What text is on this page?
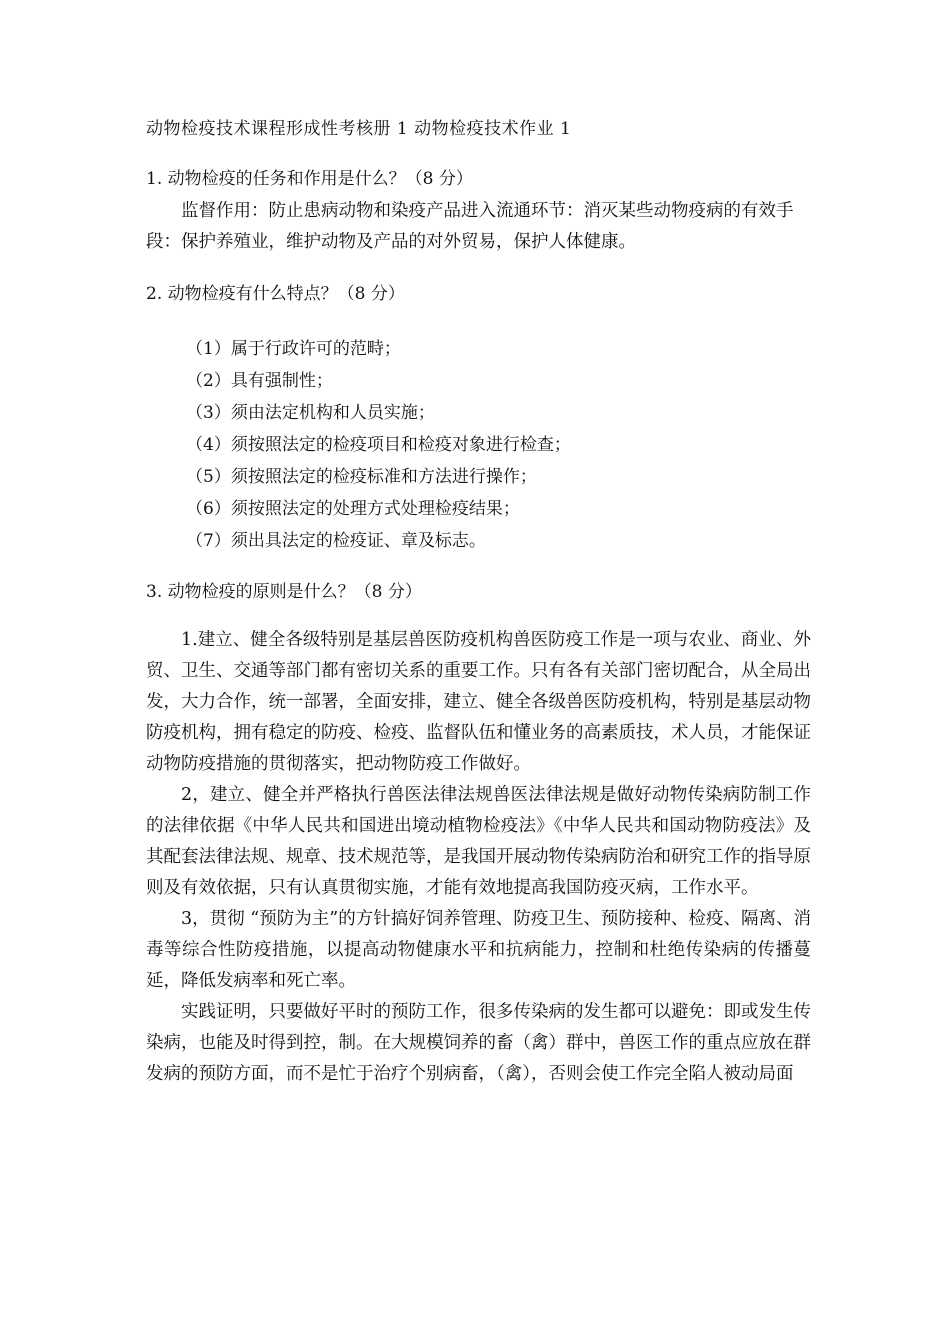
动物检疫技术课程形成性考核册 1 动物检疫技术作业 1
1. 动物检疫的任务和作用是什么？（8 分）

监督作用：防止患病动物和染疫产品进入流通环节：消灭某些动物疫病的有效手段：保护养殖业，维护动物及产品的对外贸易，保护人体健康。

2. 动物检疫有什么特点？（8 分）
（1）属于行政许可的范畤；
（2）具有强制性；
（3）须由法定机构和人员实施；
（4）须按照法定的检疫项目和检疫对象进行检查；
（5）须按照法定的检疫标准和方法进行操作；
（6）须按照法定的处理方式处理检疫结果；
（7）须出具法定的检疫证、章及标志。
3. 动物检疫的原则是什么？（8 分）

1.建立、健全各级特别是基层兽医防疫机构兽医防疫工作是一项与农业、商业、外贸、卫生、交通等部门都有密切关系的重要工作。只有各有关部门密切配合，从全局出发，大力合作，统一部署，全面安排，建立、健全各级兽医防疫机构，特别是基层动物防疫机构，拥有稳定的防疫、检疫、监督队伍和懂业务的高素质技，术人员，才能保证动物防疫措施的贯彻落实，把动物防疫工作做好。

2，建立、健全并严格执行兽医法律法规兽医法律法规是做好动物传染病防制工作的法律依据《中华人民共和国进出境动植物检疫法》《中华人民共和国动物防疫法》及其配套法律法规、规章、技术规范等，是我国开展动物传染病防治和研究工作的指导原则及有效依据，只有认真贯彻实施，才能有效地提高我国防疫灭病，工作水平。

3，贯彻 “预防为主”的方针搞好饲养管理、防疫卫生、预防接种、检疫、隔离、消毒等综合性防疫措施，以提高动物健康水平和抗病能力，控制和杜绝传染病的传播蔓延，降低发病率和死亡率。

实践证明，只要做好平时的预防工作，很多传染病的发生都可以避免：即或发生传染病，也能及时得到控，制。在大规模饲养的畜（禽）群中，兽医工作的重点应放在群发病的预防方面，而不是忙于治疗个别病畜，（禽），否则会使工作完全陷人被动局面
